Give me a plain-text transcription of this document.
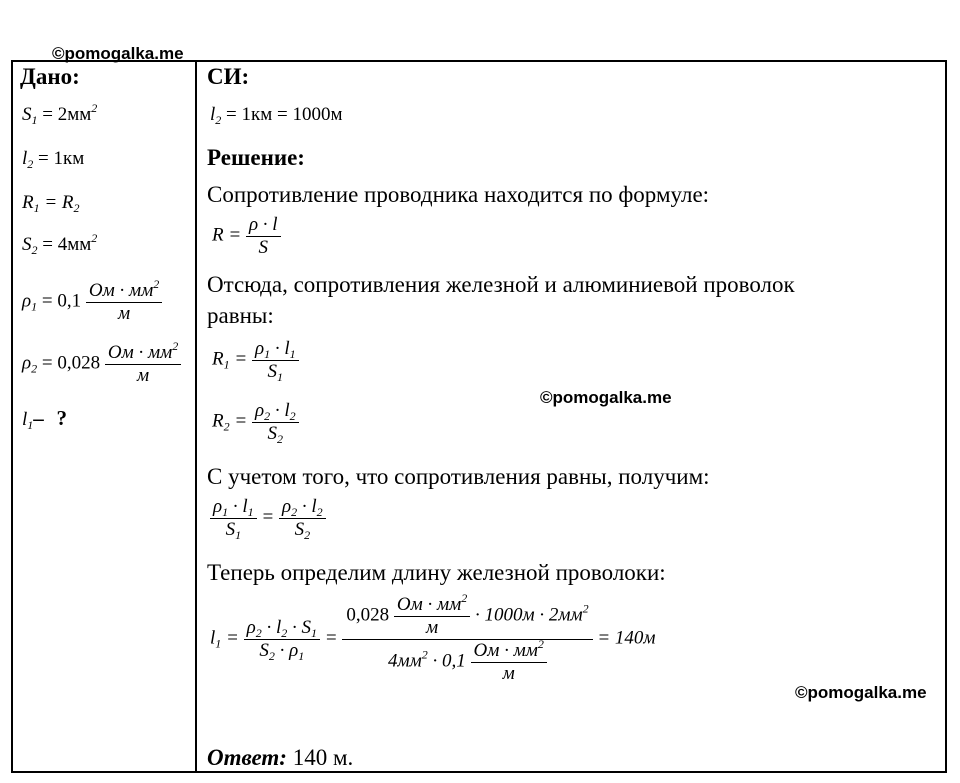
©pomogalka.me
©pomogalka.me
©pomogalka.me
Дано:
$S_1 = 2мм^2$
$l_2 = 1км$
$R_1 = R_2$
$S_2 = 4мм^2$
$\rho_1 = 0,1 \frac{Ом \cdot мм^2}{м}$
$\rho_2 = 0,028 \frac{Ом \cdot мм^2}{м}$
$l_1-$ ?
СИ:
$l_2 = 1км = 1000м$
Решение:
Сопротивление проводника находится по формуле:
$R = \frac{\rho \cdot l}{S}$
Отсюда, сопротивления железной и алюминиевой проволок
равны:
$R_1 = \frac{\rho_1 \cdot l_1}{S_1}$
$R_2 = \frac{\rho_2 \cdot l_2}{S_2}$
С учетом того, что сопротивления равны, получим:
$\frac{\rho_1 \cdot l_1}{S_1} = \frac{\rho_2 \cdot l_2}{S_2}$
Теперь определим длину железной проволоки:
$l_1 = \frac{\rho_2 \cdot l_2 \cdot S_1}{S_2 \cdot \rho_1} = \frac{0,028 \frac{Ом \cdot мм^2}{м} \cdot 1000м \cdot 2мм^2}{4мм^2 \cdot 0,1 \frac{Ом \cdot мм^2}{м}} = 140м$
Ответ: 140 м.
